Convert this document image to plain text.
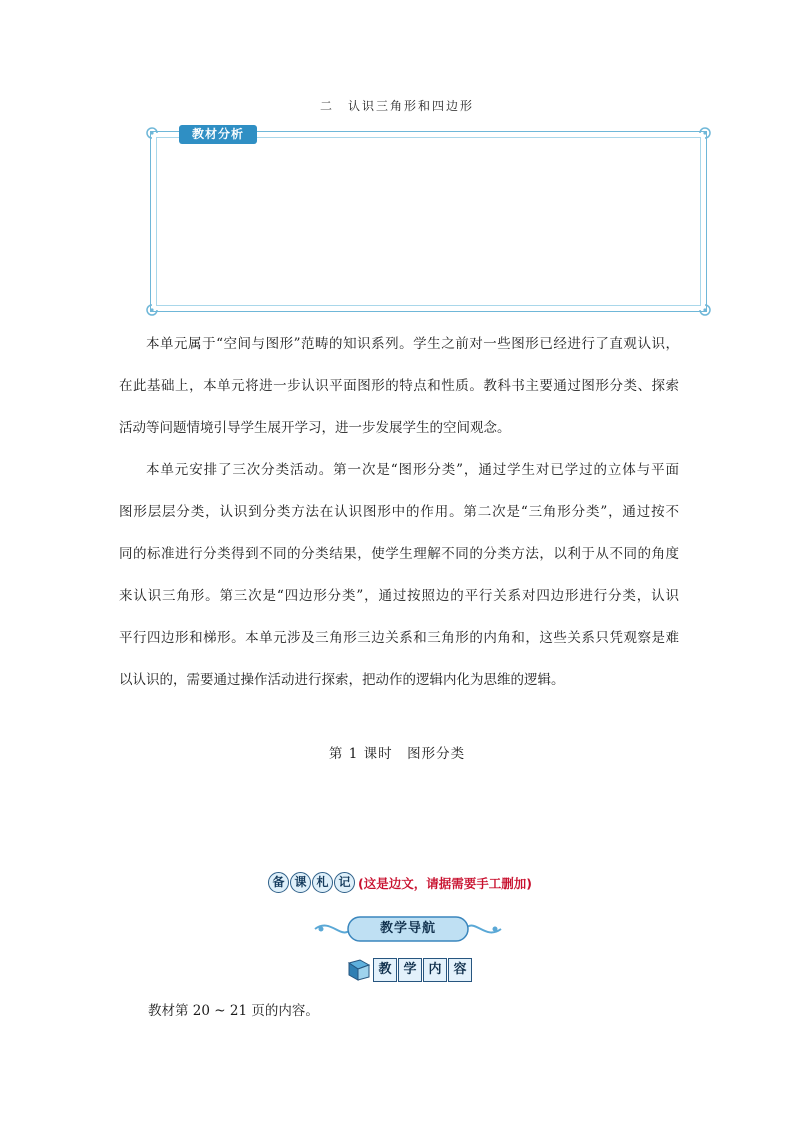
二　认识三角形和四边形
教材分析
本单元属于“空间与图形”范畴的知识系列。学生之前对一些图形已经进行了直观认识，
在此基础上，本单元将进一步认识平面图形的特点和性质。教科书主要通过图形分类、探索
活动等问题情境引导学生展开学习，进一步发展学生的空间观念。
本单元安排了三次分类活动。第一次是“图形分类”，通过学生对已学过的立体与平面
图形层层分类，认识到分类方法在认识图形中的作用。第二次是“三角形分类”，通过按不
同的标准进行分类得到不同的分类结果，使学生理解不同的分类方法，以利于从不同的角度
来认识三角形。第三次是“四边形分类”，通过按照边的平行关系对四边形进行分类，认识
平行四边形和梯形。本单元涉及三角形三边关系和三角形的内角和，这些关系只凭观察是难
以认识的，需要通过操作活动进行探索，把动作的逻辑内化为思维的逻辑。
第 1 课时　图形分类
备 课 札 记 (这是边文，请据需要手工删加)
教学导航
教 学 内 容
教材第 20 ~ 21 页的内容。
